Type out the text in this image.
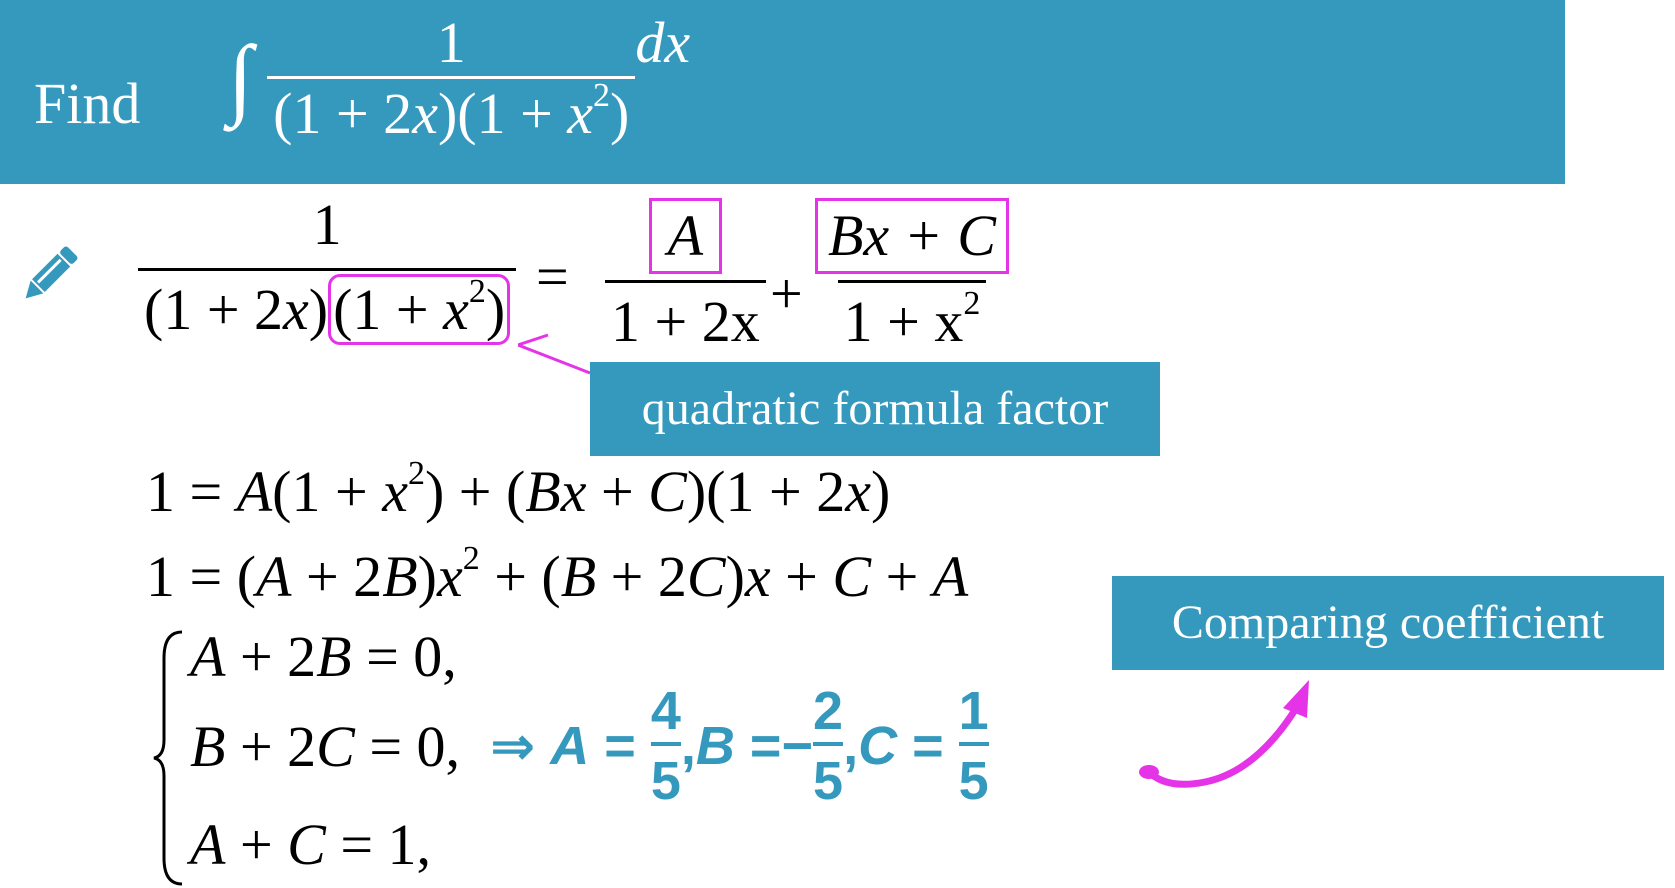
Find ∫ $\frac{1}{(1 + 2x)(1 + x^2)}$ dx
$\frac{1}{(1 + 2x)(1 + x^2)} = \frac{A}{1 + 2x} + \frac{Bx + C}{1 + x^2}$
quadratic formula factor
$1 = A(1 + x^2) + (Bx + C)(1 + 2x)$
$1 = (A + 2B)x^2 + (B + 2C)x + C + A$
Comparing coefficient
A + 2B = 0,
B + 2C = 0,
A + C = 1,
⇒ $A = \frac{4}{5} ,B =- \frac{2}{5} ,C = \frac{1}{5}$
